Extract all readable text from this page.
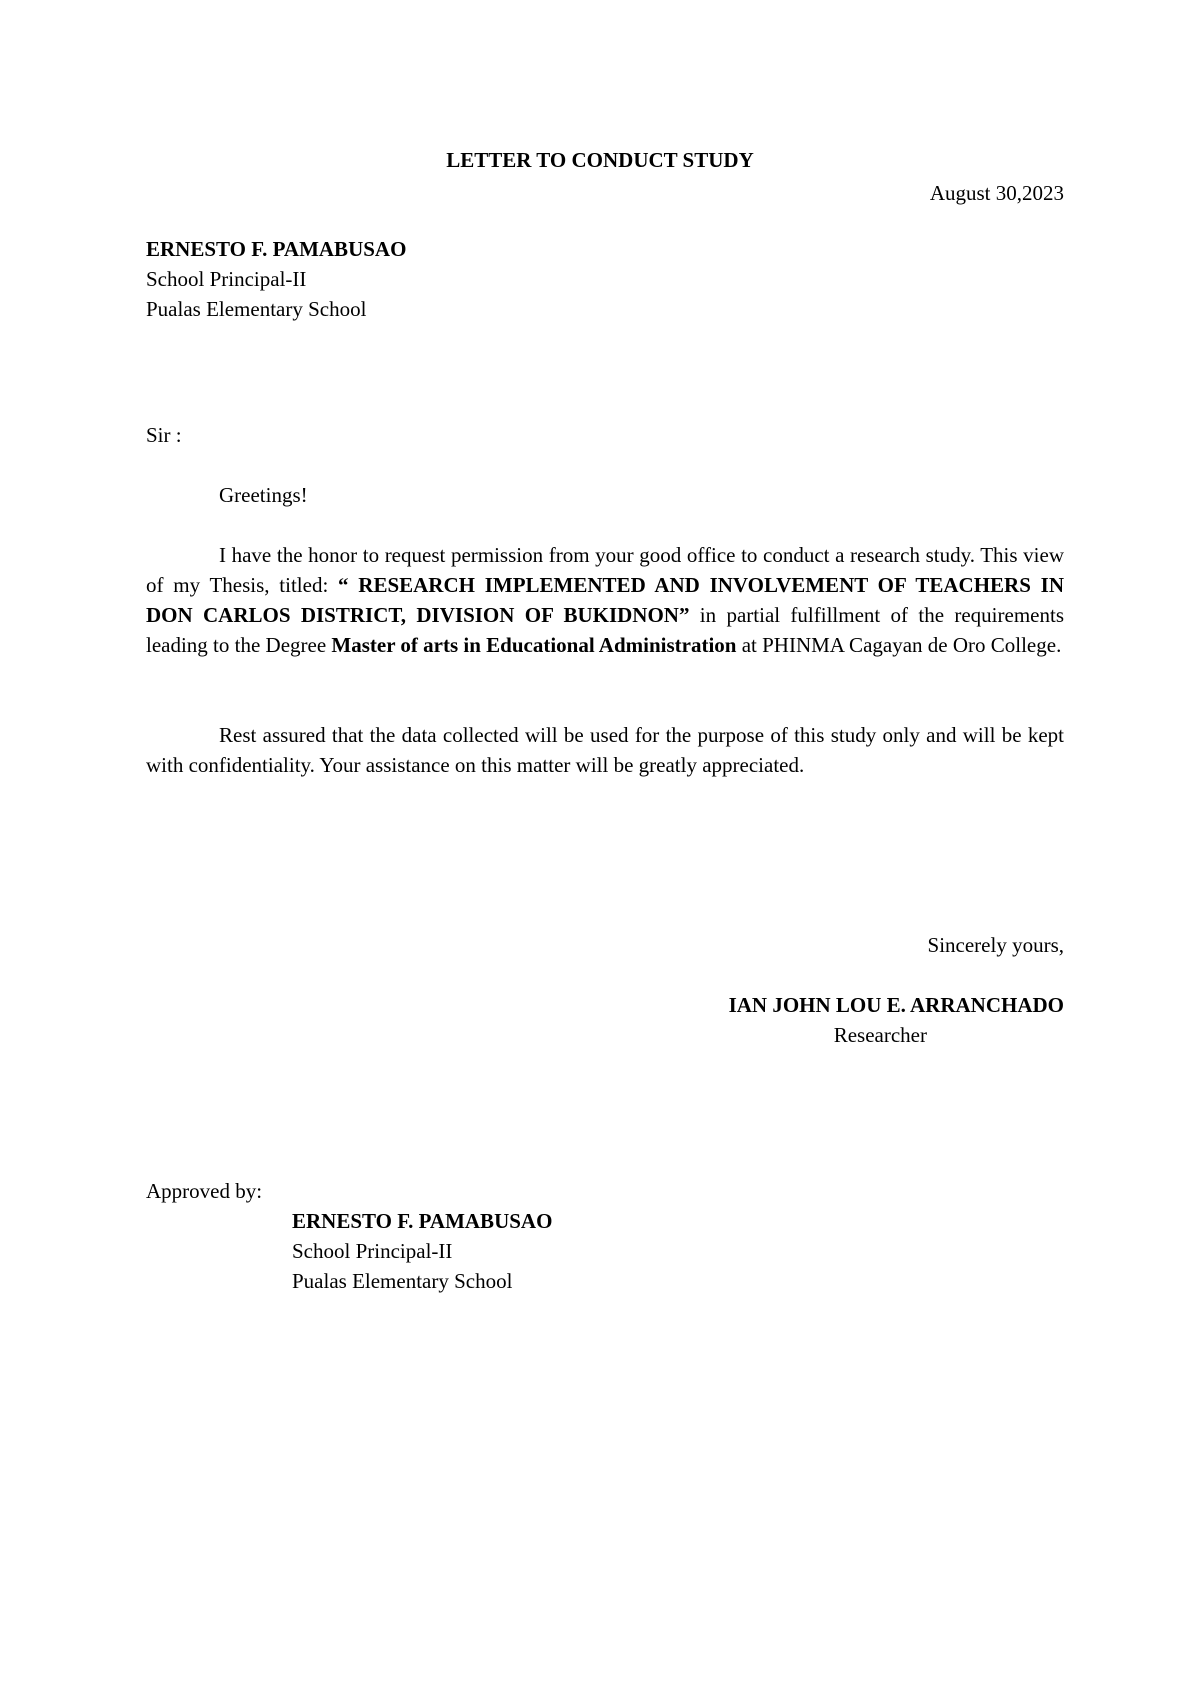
LETTER TO CONDUCT STUDY
August 30,2023
ERNESTO F. PAMABUSAO
School Principal-II
Pualas Elementary School
Sir :
Greetings!
I have the honor to request permission from your good office to conduct a research study. This view of my Thesis, titled: “ RESEARCH IMPLEMENTED AND INVOLVEMENT OF TEACHERS IN DON CARLOS DISTRICT, DIVISION OF BUKIDNON” in partial fulfillment of the requirements leading to the Degree Master of arts in Educational Administration at PHINMA Cagayan de Oro College.
Rest assured that the data collected will be used for the purpose of this study only and will be kept with confidentiality. Your assistance on this matter will be greatly appreciated.
Sincerely yours,
IAN JOHN LOU E. ARRANCHADO
Researcher
Approved by:
ERNESTO F. PAMABUSAO
School Principal-II
Pualas Elementary School
